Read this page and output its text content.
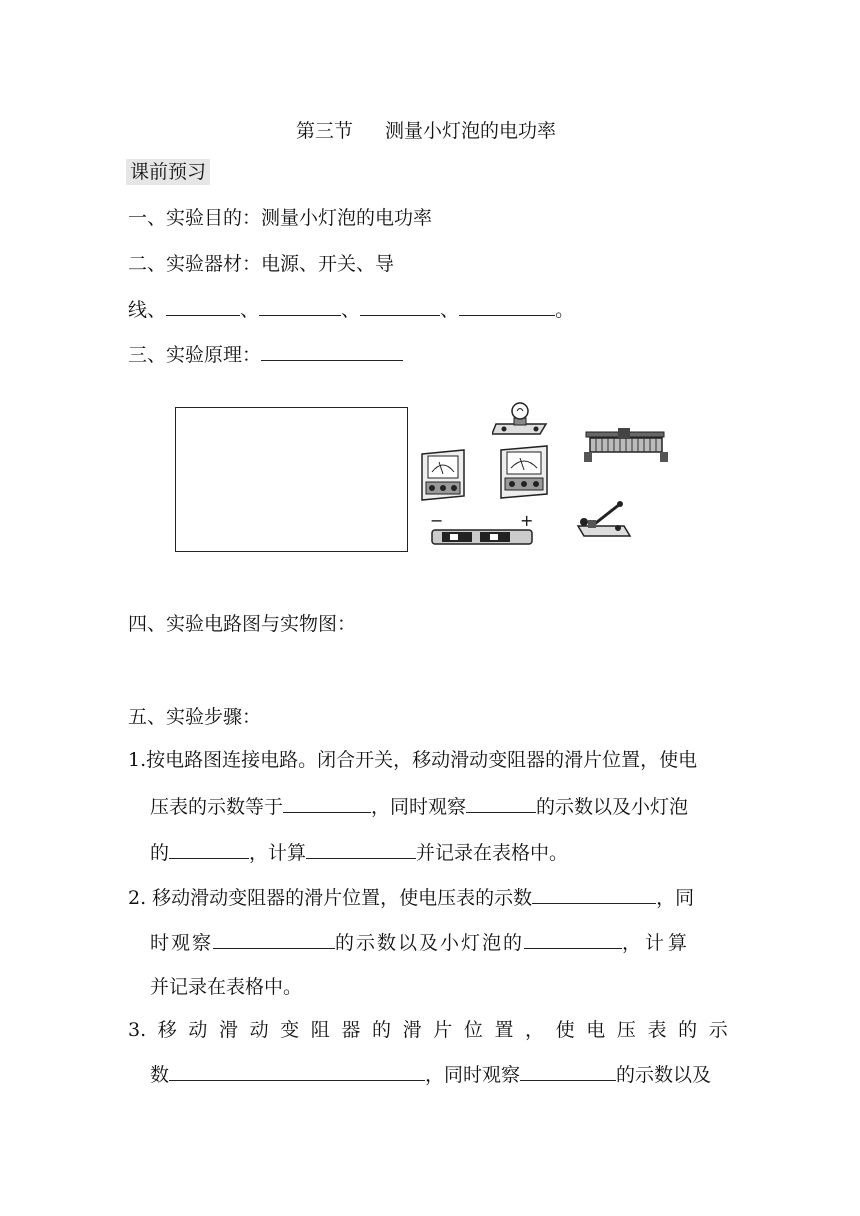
第三节 测量小灯泡的电功率
课前预习
一、实验目的：测量小灯泡的电功率
二、实验器材：电源、开关、导
线、	、	、	、	。
三、实验原理：
−	+
四、实验电路图与实物图：
五、实验步骤：
1.按电路图连接电路。闭合开关，移动滑动变阻器的滑片位置，使电
压表的示数等于	，同时观察	的示数以及小灯泡
的	，计算	并记录在表格中。
2. 移动滑动变阻器的滑片位置，使电压表的示数	，同
时观察	的示数以及小灯泡的	，计算
并记录在表格中。
3. 移 动 滑 动 变 阻 器 的 滑 片 位 置 ， 使 电 压 表 的 示
数	，同时观察	的示数以及
